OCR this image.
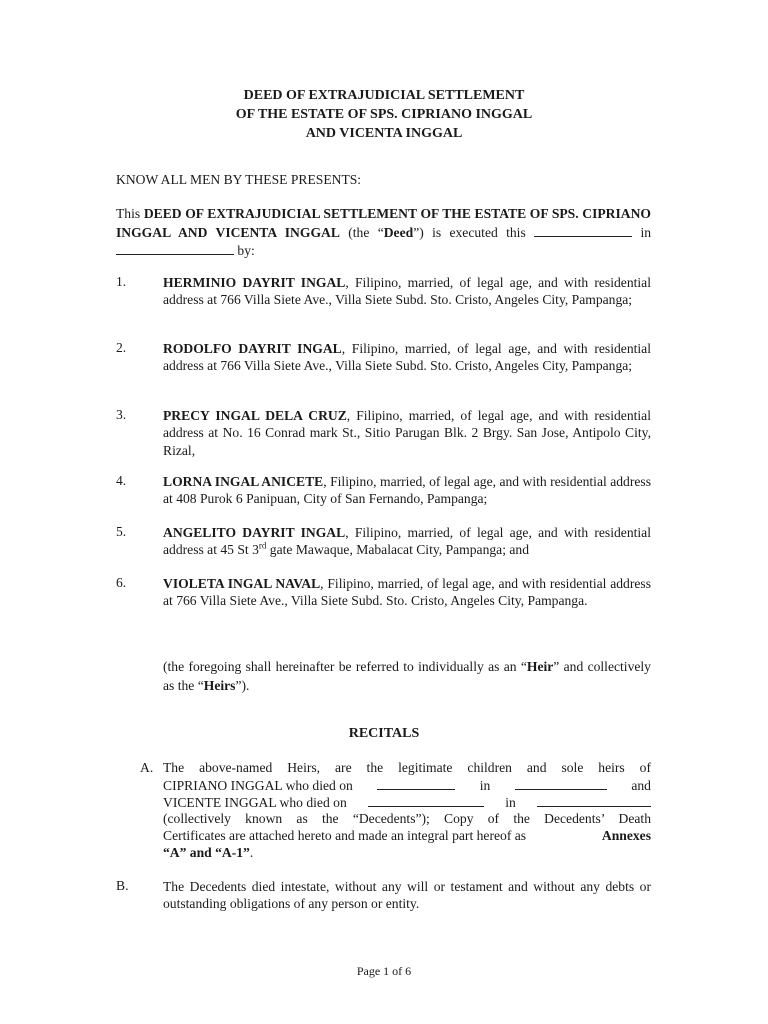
DEED OF EXTRAJUDICIAL SETTLEMENT
OF THE ESTATE OF SPS. CIPRIANO INGGAL
AND VICENTA INGGAL
KNOW ALL MEN BY THESE PRESENTS:
This DEED OF EXTRAJUDICIAL SETTLEMENT OF THE ESTATE OF SPS. CIPRIANO INGGAL AND VICENTA INGGAL (the “Deed”) is executed this	in  by:
1.	HERMINIO DAYRIT INGAL, Filipino, married, of legal age, and with residential address at 766 Villa Siete Ave., Villa Siete Subd. Sto. Cristo, Angeles City, Pampanga;
2.	RODOLFO DAYRIT INGAL, Filipino, married, of legal age, and with residential address at 766 Villa Siete Ave., Villa Siete Subd. Sto. Cristo, Angeles City, Pampanga;
3.	PRECY INGAL DELA CRUZ, Filipino, married, of legal age, and with residential address at No. 16 Conrad mark St., Sitio Parugan Blk. 2 Brgy. San Jose, Antipolo City, Rizal,
4.	LORNA INGAL ANICETE, Filipino, married, of legal age, and with residential address at 408 Purok 6 Panipuan, City of San Fernando, Pampanga;
5.	ANGELITO DAYRIT INGAL, Filipino, married, of legal age, and with residential address at 45 St 3rd gate Mawaque, Mabalacat City, Pampanga; and
6.	VIOLETA INGAL NAVAL, Filipino, married, of legal age, and with residential address at 766 Villa Siete Ave., Villa Siete Subd. Sto. Cristo, Angeles City, Pampanga.
(the foregoing shall hereinafter be referred to individually as an “Heir” and collectively as the “Heirs”).
RECITALS
A. The above-named Heirs, are the legitimate children and sole heirs of
CIPRIANO INGGAL who died on	in	and
VICENTE INGGAL who died on	in
(collectively known as the “Decedents”); Copy of the Decedents’ Death
Certificates are attached hereto and made an integral part hereof as	Annexes
“A” and “A-1”.
B.	The Decedents died intestate, without any will or testament and without any debts or outstanding obligations of any person or entity.
Page 1 of 6
